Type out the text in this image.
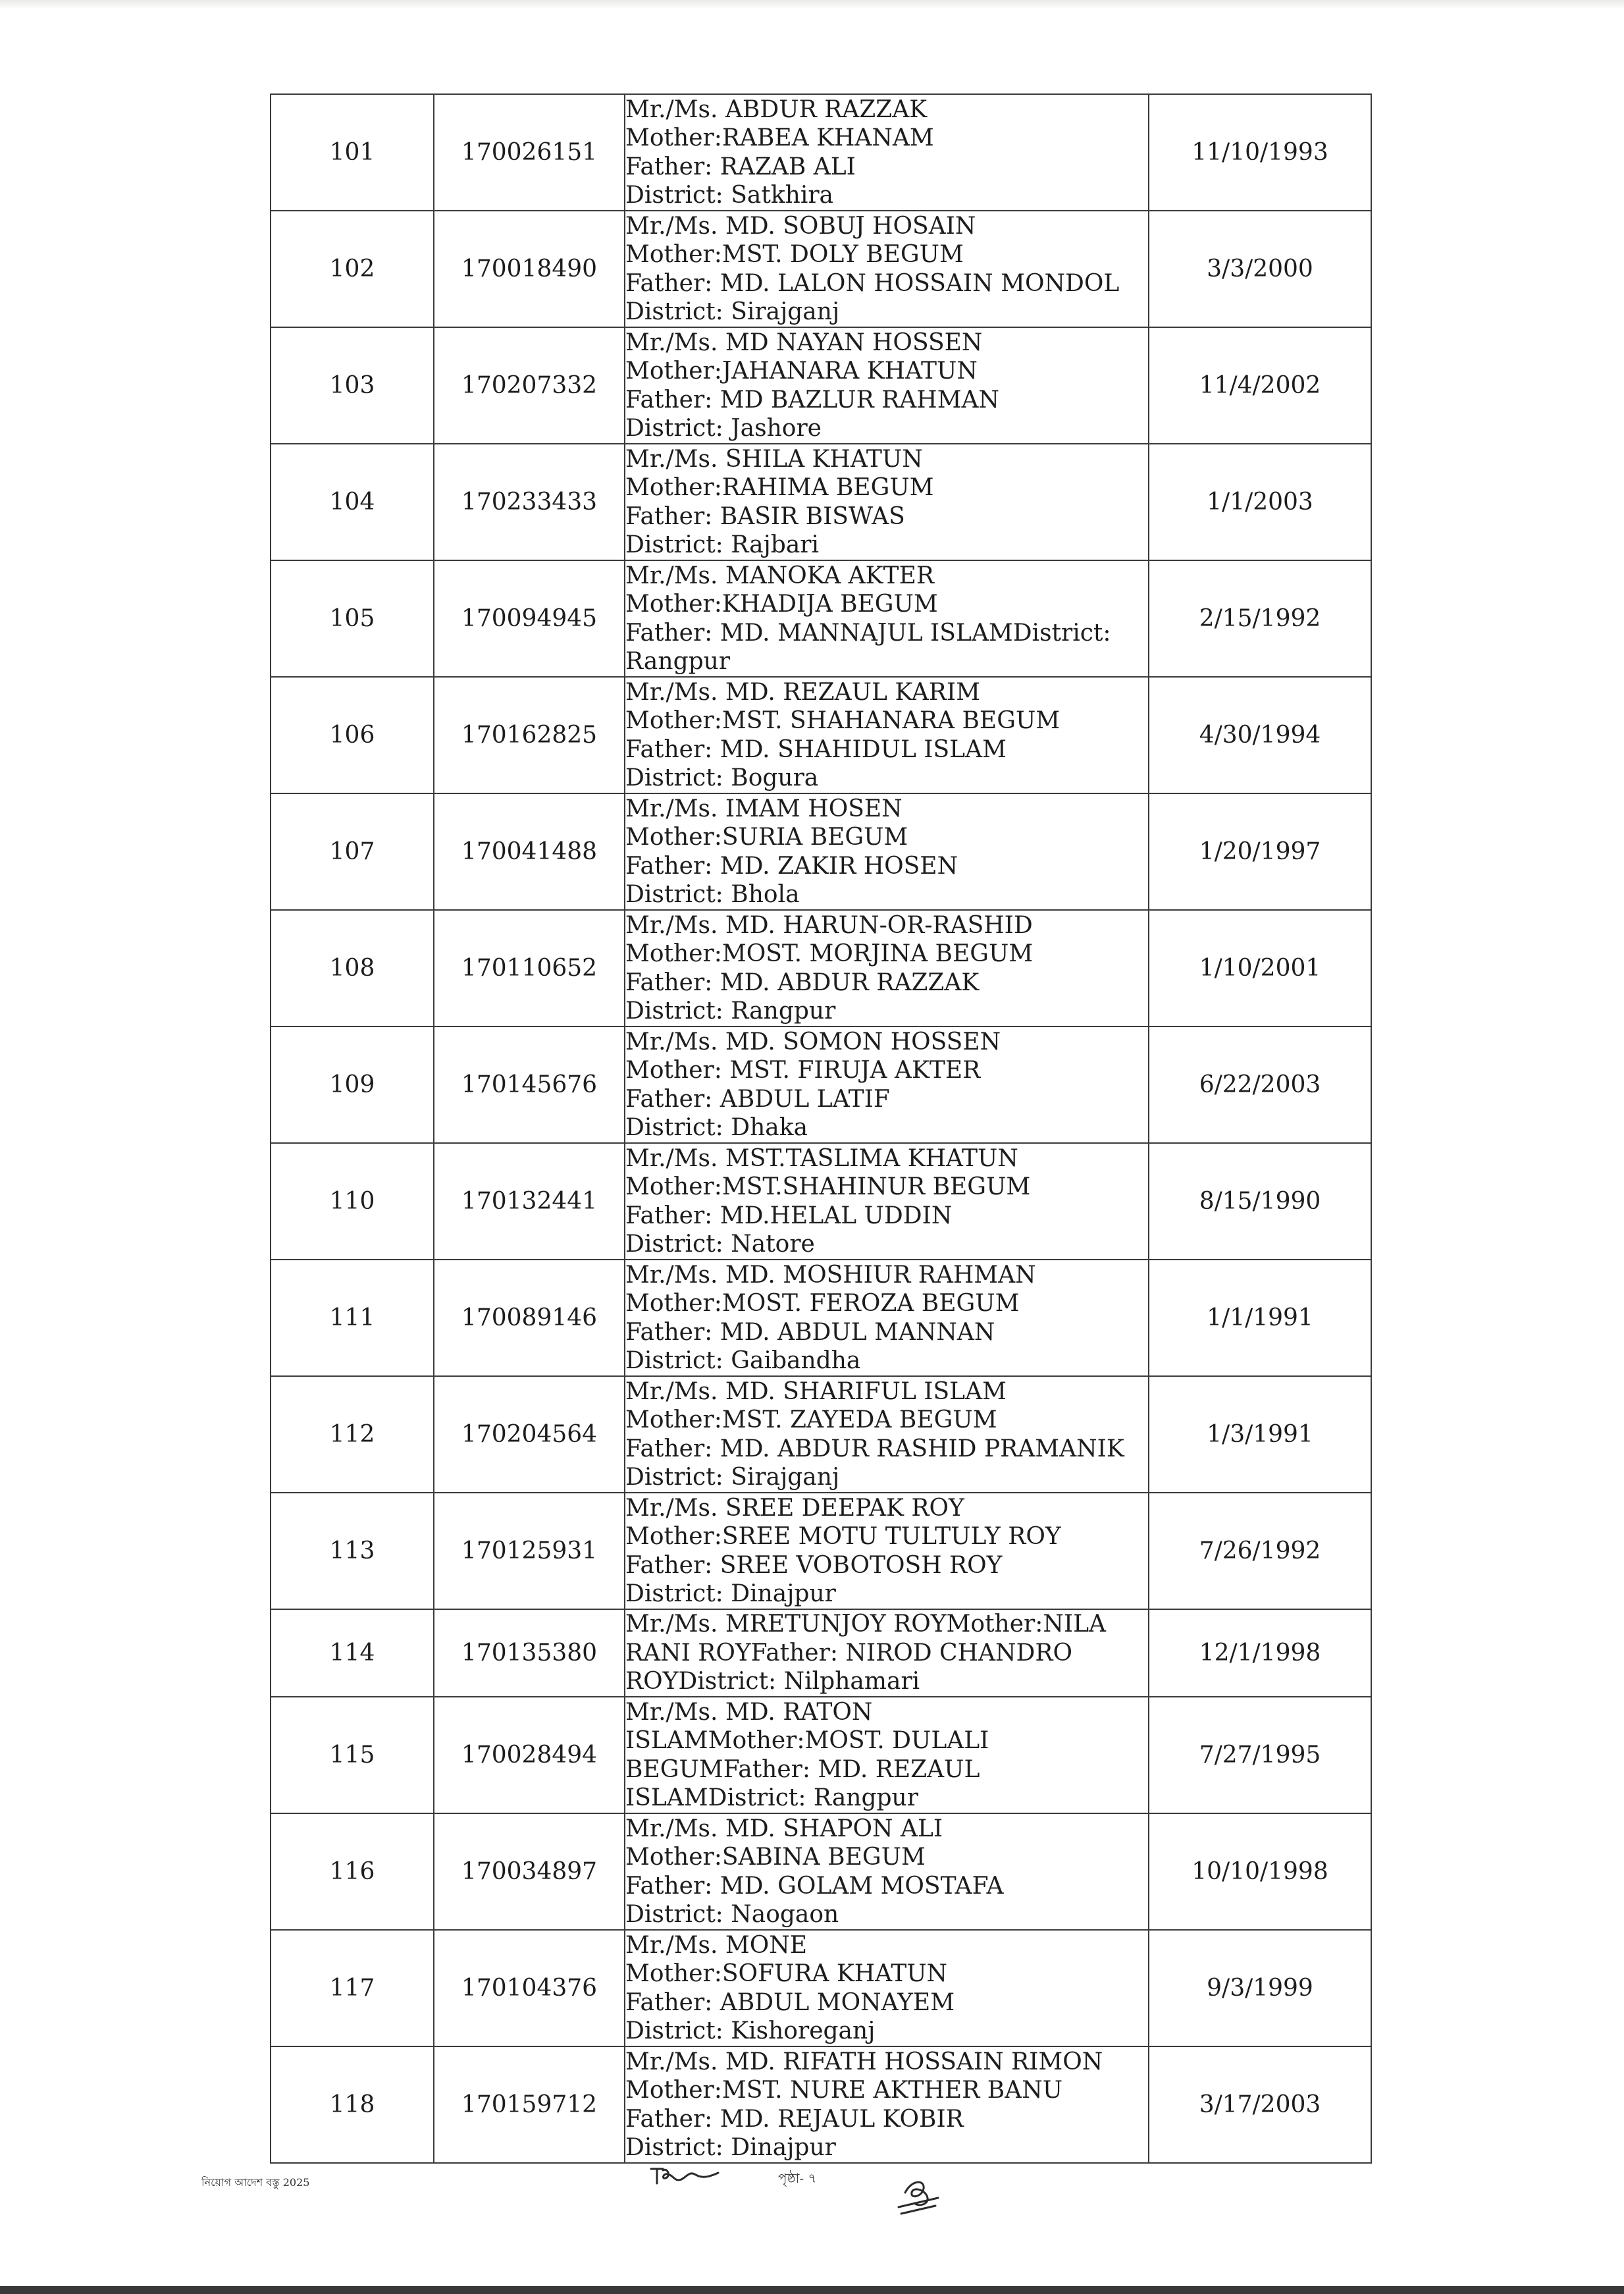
101	170026151	Mr./Ms. ABDUR RAZZAK
Mother:RABEA KHANAM
Father: RAZAB ALI
District: Satkhira	11/10/1993
102	170018490	Mr./Ms. MD. SOBUJ HOSAIN
Mother:MST. DOLY BEGUM
Father: MD. LALON HOSSAIN MONDOL
District: Sirajganj	3/3/2000
103	170207332	Mr./Ms. MD NAYAN HOSSEN
Mother:JAHANARA KHATUN
Father: MD BAZLUR RAHMAN
District: Jashore	11/4/2002
104	170233433	Mr./Ms. SHILA KHATUN
Mother:RAHIMA BEGUM
Father: BASIR BISWAS
District: Rajbari	1/1/2003
105	170094945	Mr./Ms. MANOKA AKTER
Mother:KHADIJA BEGUM
Father: MD. MANNAJUL ISLAMDistrict:
Rangpur	2/15/1992
106	170162825	Mr./Ms. MD. REZAUL KARIM
Mother:MST. SHAHANARA BEGUM
Father: MD. SHAHIDUL ISLAM
District: Bogura	4/30/1994
107	170041488	Mr./Ms. IMAM HOSEN
Mother:SURIA BEGUM
Father: MD. ZAKIR HOSEN
District: Bhola	1/20/1997
108	170110652	Mr./Ms. MD. HARUN-OR-RASHID
Mother:MOST. MORJINA BEGUM
Father: MD. ABDUR RAZZAK
District: Rangpur	1/10/2001
109	170145676	Mr./Ms. MD. SOMON HOSSEN
Mother: MST. FIRUJA AKTER
Father: ABDUL LATIF
District: Dhaka	6/22/2003
110	170132441	Mr./Ms. MST.TASLIMA KHATUN
Mother:MST.SHAHINUR BEGUM
Father: MD.HELAL UDDIN
District: Natore	8/15/1990
111	170089146	Mr./Ms. MD. MOSHIUR RAHMAN
Mother:MOST. FEROZA BEGUM
Father: MD. ABDUL MANNAN
District: Gaibandha	1/1/1991
112	170204564	Mr./Ms. MD. SHARIFUL ISLAM
Mother:MST. ZAYEDA BEGUM
Father: MD. ABDUR RASHID PRAMANIK
District: Sirajganj	1/3/1991
113	170125931	Mr./Ms. SREE DEEPAK ROY
Mother:SREE MOTU TULTULY ROY
Father: SREE VOBOTOSH ROY
District: Dinajpur	7/26/1992
114	170135380	Mr./Ms. MRETUNJOY ROYMother:NILA
RANI ROYFather: NIROD CHANDRO
ROYDistrict: Nilphamari	12/1/1998
115	170028494	Mr./Ms. MD. RATON
ISLAMMother:MOST. DULALI
BEGUMFather: MD. REZAUL
ISLAMDistrict: Rangpur	7/27/1995
116	170034897	Mr./Ms. MD. SHAPON ALI
Mother:SABINA BEGUM
Father: MD. GOLAM MOSTAFA
District: Naogaon	10/10/1998
117	170104376	Mr./Ms. MONE
Mother:SOFURA KHATUN
Father: ABDUL MONAYEM
District: Kishoreganj	9/3/1999
118	170159712	Mr./Ms. MD. RIFATH HOSSAIN RIMON
Mother:MST. NURE AKTHER BANU
Father: MD. REJAUL KOBIR
District: Dinajpur	3/17/2003
নিয়োগ আদেশ বস্তু 2025	পৃষ্ঠা- ৭
